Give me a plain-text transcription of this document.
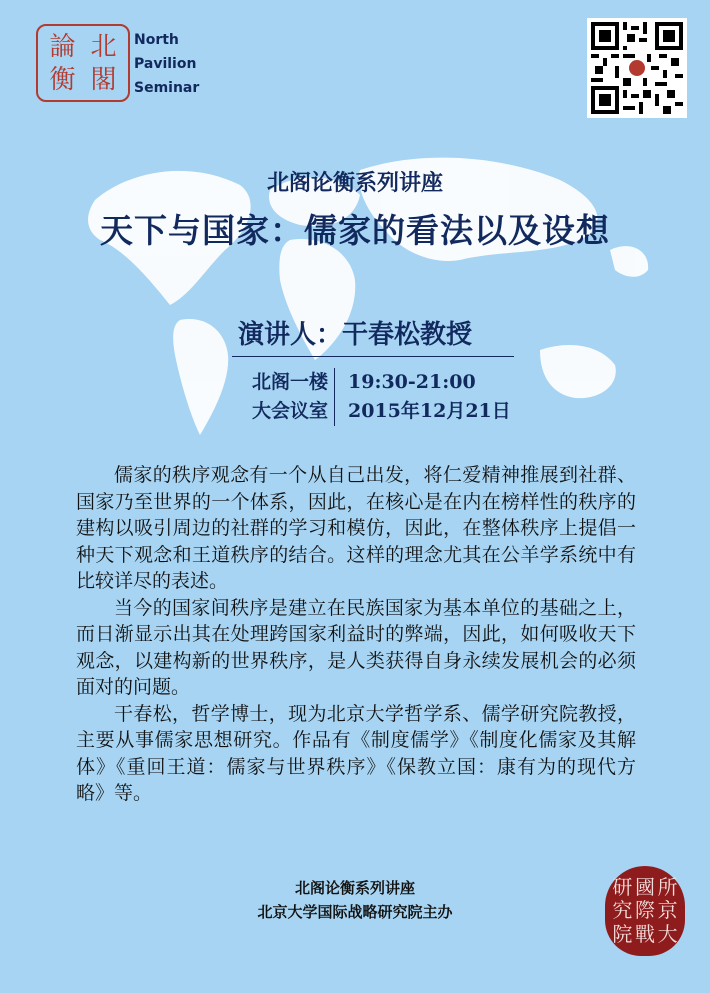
論 北
衡 閣
North
Pavilion
Seminar
北阁论衡系列讲座
天下与国家：儒家的看法以及设想
演讲人：干春松教授
北阁一楼
大会议室
19:30-21:00
2015年12月21日

儒家的秩序观念有一个从自己出发，将仁爱精神推展到社群、国家乃至世界的一个体系，因此，在核心是在内在榜样性的秩序的建构以吸引周边的社群的学习和模仿，因此，在整体秩序上提倡一种天下观念和王道秩序的结合。这样的理念尤其在公羊学系统中有比较详尽的表述。

当今的国家间秩序是建立在民族国家为基本单位的基础之上，而日渐显示出其在处理跨国家利益时的弊端，因此，如何吸收天下观念，以建构新的世界秩序，是人类获得自身永续发展机会的必须面对的问题。

干春松，哲学博士，现为北京大学哲学系、儒学研究院教授，主要从事儒家思想研究。作品有《制度儒学》《制度化儒家及其解体》《重回王道：儒家与世界秩序》《保教立国：康有为的现代方略》等。

北阁论衡系列讲座
北京大学国际战略研究院主办
研 國 所
究 際 京
院 戰 大
